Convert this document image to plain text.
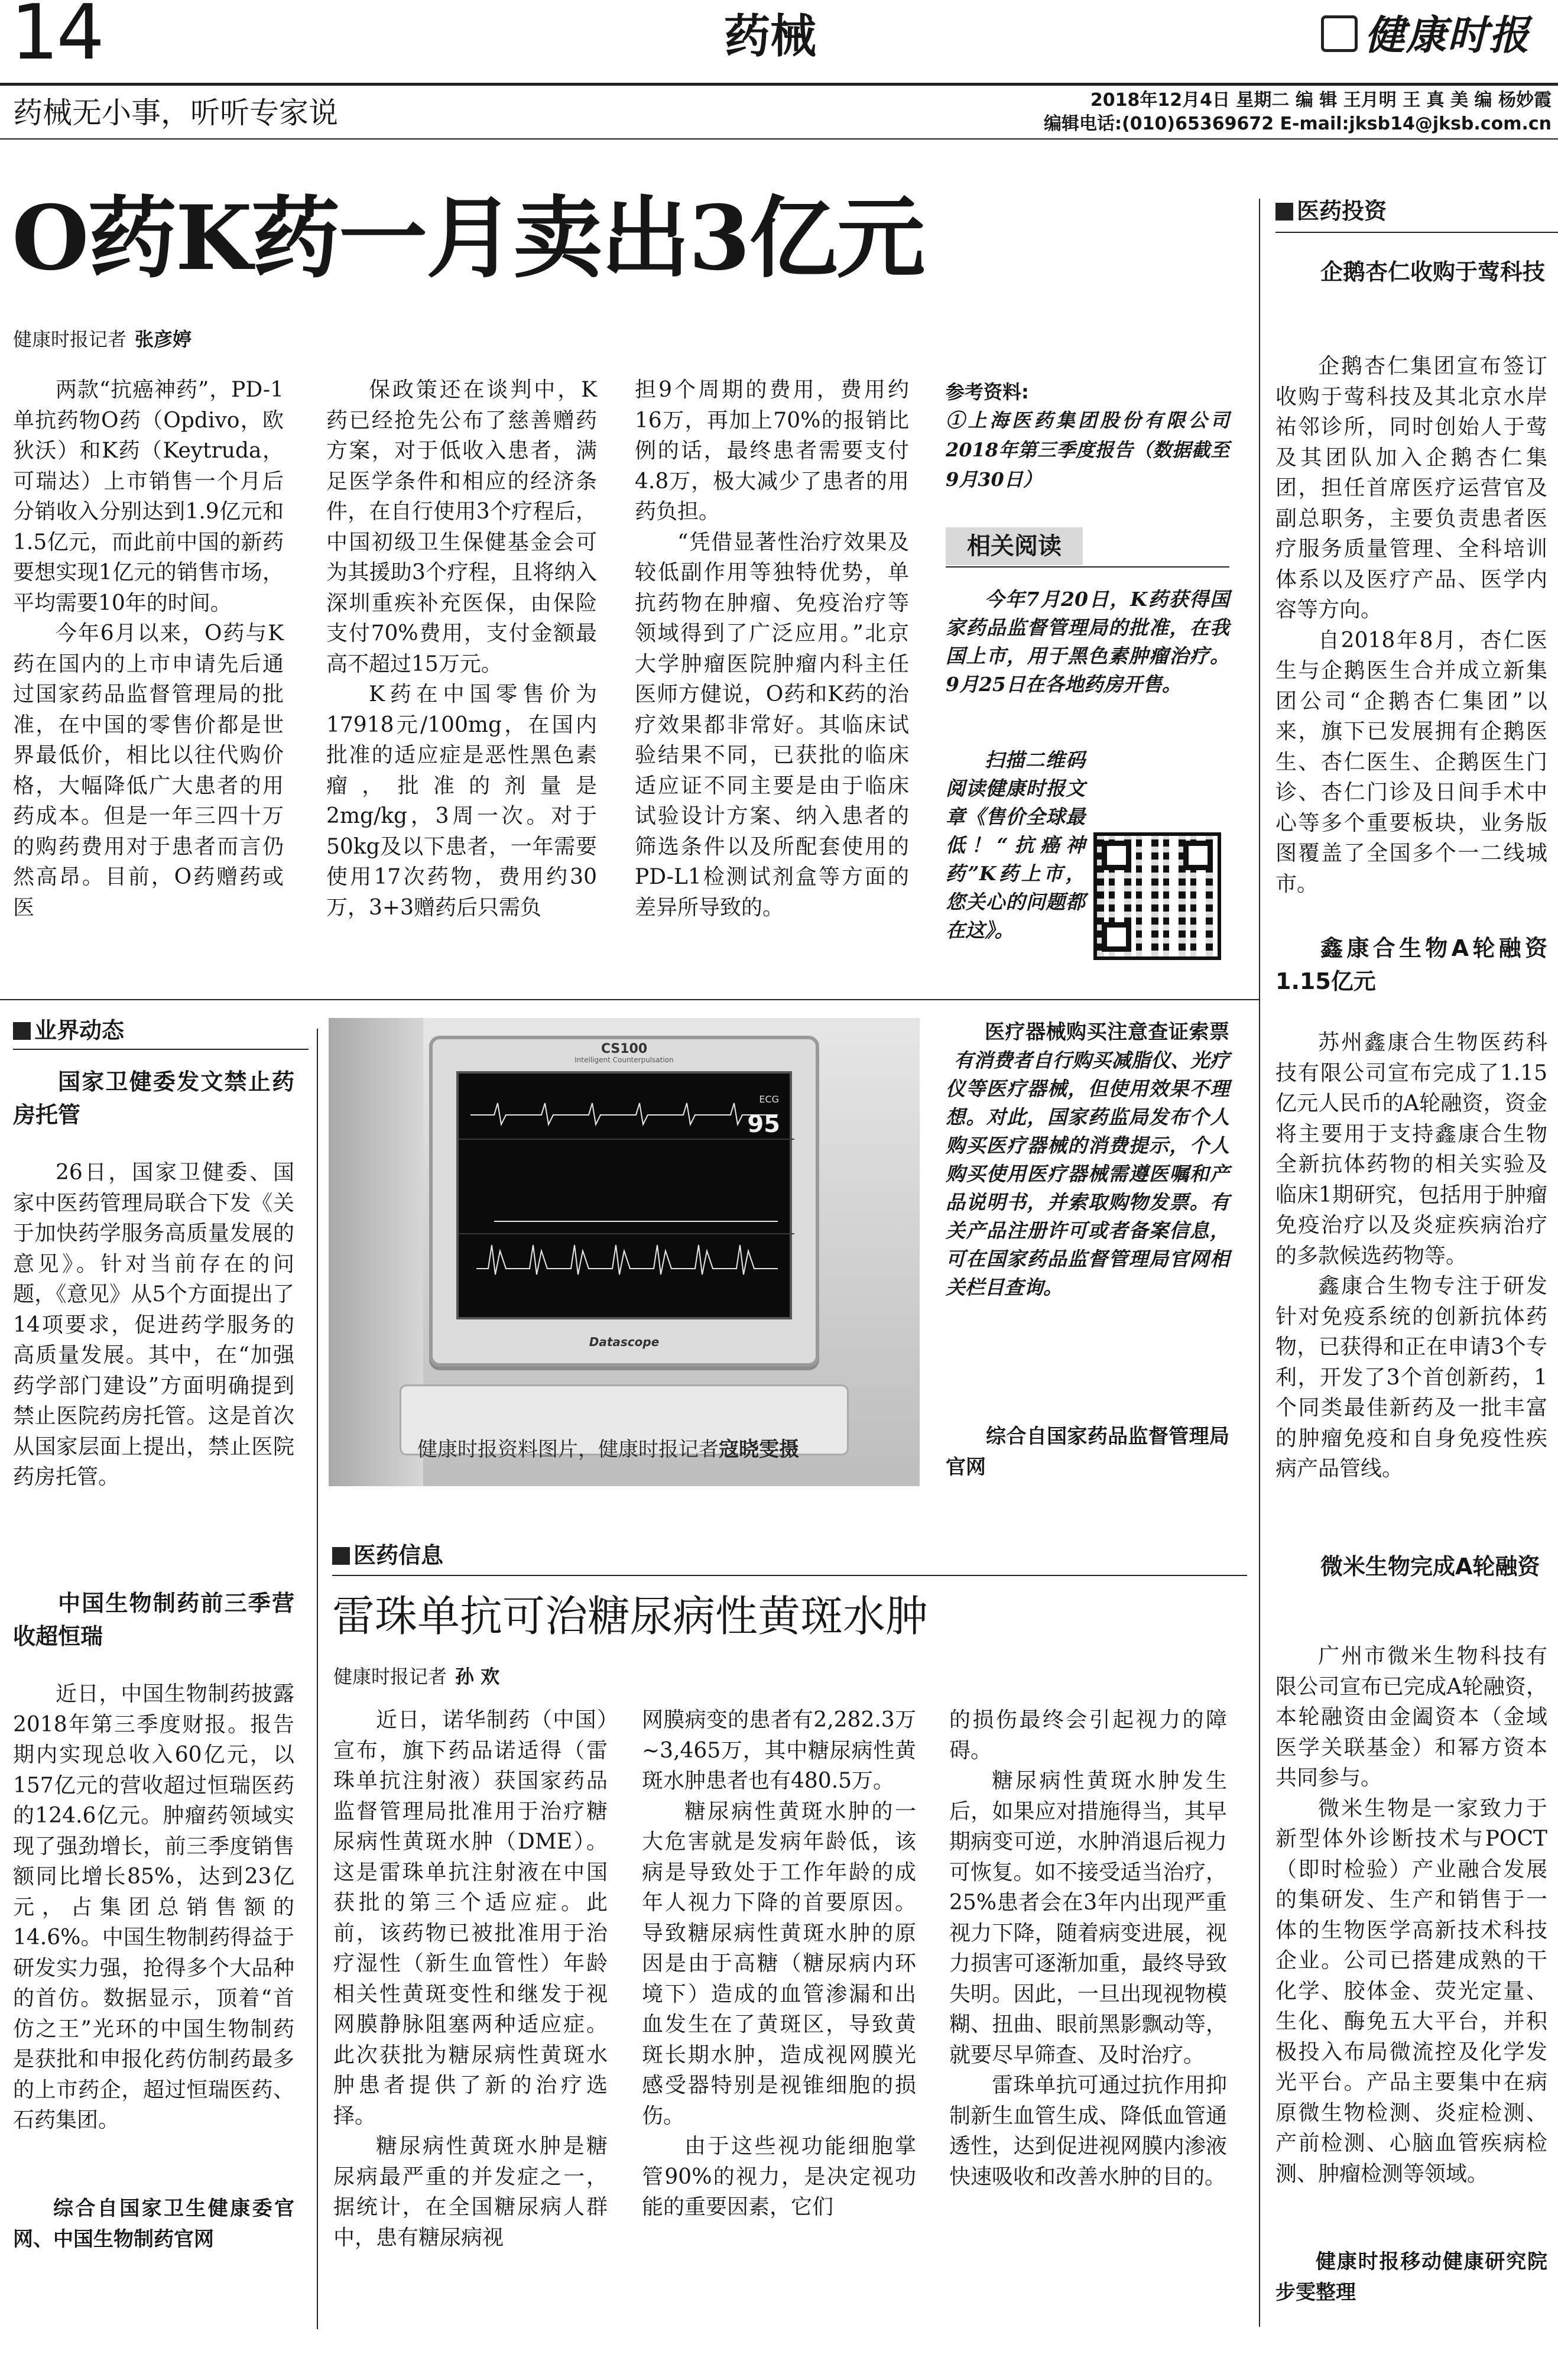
14	药械	健康时报
药械无小事，听听专家说	2018年12月4日 星期二 编 辑 王月明 王 真 美 编 杨妙霞
编辑电话:(010)65369672 E-mail:jksb14@jksb.com.cn
O药K药一月卖出3亿元
健康时报记者 张彦婷

两款“抗癌神药”，PD-1单抗药物O药（Opdivo，欧狄沃）和K药（Keytruda，可瑞达）上市销售一个月后分销收入分别达到1.9亿元和1.5亿元，而此前中国的新药要想实现1亿元的销售市场，平均需要10年的时间。

今年6月以来，O药与K药在国内的上市申请先后通过国家药品监督管理局的批准，在中国的零售价都是世界最低价，相比以往代购价格，大幅降低广大患者的用药成本。但是一年三四十万的购药费用对于患者而言仍然高昂。目前，O药赠药或医

保政策还在谈判中，K药已经抢先公布了慈善赠药方案，对于低收入患者，满足医学条件和相应的经济条件，在自行使用3个疗程后，中国初级卫生保健基金会可为其援助3个疗程，且将纳入深圳重疾补充医保，由保险支付70%费用，支付金额最高不超过15万元。

K药在中国零售价为17918元/100mg，在国内批准的适应症是恶性黑色素瘤，批准的剂量是2mg/kg，3周一次。对于50kg及以下患者，一年需要使用17次药物，费用约30万，3+3赠药后只需负

担9个周期的费用，费用约16万，再加上70%的报销比例的话，最终患者需要支付4.8万，极大减少了患者的用药负担。

“凭借显著性治疗效果及较低副作用等独特优势，单抗药物在肿瘤、免疫治疗等领域得到了广泛应用。”北京大学肿瘤医院肿瘤内科主任医师方健说，O药和K药的治疗效果都非常好。其临床试验结果不同，已获批的临床适应证不同主要是由于临床试验设计方案、纳入患者的筛选条件以及所配套使用的PD-L1检测试剂盒等方面的差异所导致的。

参考资料:
①上海医药集团股份有限公司2018年第三季度报告（数据截至9月30日）
相关阅读

今年7月20日，K药获得国家药品监督管理局的批准，在我国上市，用于黑色素肿瘤治疗。9月25日在各地药房开售。

扫描二维码阅读健康时报文章《售价全球最低！“抗癌神药”K药上市，您关心的问题都在这》。

医药投资
企鹅杏仁收购于莺科技

企鹅杏仁集团宣布签订收购于莺科技及其北京水岸祐邻诊所，同时创始人于莺及其团队加入企鹅杏仁集团，担任首席医疗运营官及副总职务，主要负责患者医疗服务质量管理、全科培训体系以及医疗产品、医学内容等方向。

自2018年8月，杏仁医生与企鹅医生合并成立新集团公司“企鹅杏仁集团”以来，旗下已发展拥有企鹅医生、杏仁医生、企鹅医生门诊、杏仁门诊及日间手术中心等多个重要板块，业务版图覆盖了全国多个一二线城市。

鑫康合生物A轮融资1.15亿元

苏州鑫康合生物医药科技有限公司宣布完成了1.15亿元人民币的A轮融资，资金将主要用于支持鑫康合生物全新抗体药物的相关实验及临床1期研究，包括用于肿瘤免疫治疗以及炎症疾病治疗的多款候选药物等。

鑫康合生物专注于研发针对免疫系统的创新抗体药物，已获得和正在申请3个专利，开发了3个首创新药，1个同类最佳新药及一批丰富的肿瘤免疫和自身免疫性疾病产品管线。

微米生物完成A轮融资

广州市微米生物科技有限公司宣布已完成A轮融资，本轮融资由金阖资本（金域医学关联基金）和幂方资本共同参与。

微米生物是一家致力于新型体外诊断技术与POCT（即时检验）产业融合发展的集研发、生产和销售于一体的生物医学高新技术科技企业。公司已搭建成熟的干化学、胶体金、荧光定量、生化、酶免五大平台，并积极投入布局微流控及化学发光平台。产品主要集中在病原微生物检测、炎症检测、产前检测、心脑血管疾病检测、肿瘤检测等领域。

健康时报移动健康研究院步雯整理
业界动态
国家卫健委发文禁止药房托管

26日，国家卫健委、国家中医药管理局联合下发《关于加快药学服务高质量发展的意见》。针对当前存在的问题，《意见》从5个方面提出了14项要求，促进药学服务的高质量发展。其中，在“加强药学部门建设”方面明确提到禁止医院药房托管。这是首次从国家层面上提出，禁止医院药房托管。

中国生物制药前三季营收超恒瑞

近日，中国生物制药披露2018年第三季度财报。报告期内实现总收入60亿元，以157亿元的营收超过恒瑞医药的124.6亿元。肿瘤药领域实现了强劲增长，前三季度销售额同比增长85%，达到23亿元，占集团总销售额的14.6%。中国生物制药得益于研发实力强，抢得多个大品种的首仿。数据显示，顶着“首仿之王”光环的中国生物制药是获批和申报化药仿制药最多的上市药企，超过恒瑞医药、石药集团。

综合自国家卫生健康委官网、中国生物制药官网
CS100
Intelligent Counterpulsation
95
ECG
Datascope
健康时报资料图片，健康时报记者寇晓雯摄

医疗器械购买注意查证索票有消费者自行购买减脂仪、光疗仪等医疗器械，但使用效果不理想。对此，国家药监局发布个人购买医疗器械的消费提示，个人购买使用医疗器械需遵医嘱和产品说明书，并索取购物发票。有关产品注册许可或者备案信息，可在国家药品监督管理局官网相关栏目查询。

综合自国家药品监督管理局官网
医药信息
雷珠单抗可治糖尿病性黄斑水肿
健康时报记者 孙 欢

近日，诺华制药（中国）宣布，旗下药品诺适得（雷珠单抗注射液）获国家药品监督管理局批准用于治疗糖尿病性黄斑水肿（DME）。这是雷珠单抗注射液在中国获批的第三个适应症。此前，该药物已被批准用于治疗湿性（新生血管性）年龄相关性黄斑变性和继发于视网膜静脉阻塞两种适应症。此次获批为糖尿病性黄斑水肿患者提供了新的治疗选择。

糖尿病性黄斑水肿是糖尿病最严重的并发症之一，据统计，在全国糖尿病人群中，患有糖尿病视

网膜病变的患者有2,282.3万~3,465万，其中糖尿病性黄斑水肿患者也有480.5万。

糖尿病性黄斑水肿的一大危害就是发病年龄低，该病是导致处于工作年龄的成年人视力下降的首要原因。导致糖尿病性黄斑水肿的原因是由于高糖（糖尿病内环境下）造成的血管渗漏和出血发生在了黄斑区，导致黄斑长期水肿，造成视网膜光感受器特别是视锥细胞的损伤。

由于这些视功能细胞掌管90%的视力，是决定视功能的重要因素，它们

的损伤最终会引起视力的障碍。

糖尿病性黄斑水肿发生后，如果应对措施得当，其早期病变可逆，水肿消退后视力可恢复。如不接受适当治疗，25%患者会在3年内出现严重视力下降，随着病变进展，视力损害可逐渐加重，最终导致失明。因此，一旦出现视物模糊、扭曲、眼前黑影飘动等，就要尽早筛查、及时治疗。

雷珠单抗可通过抗作用抑制新生血管生成、降低血管通透性，达到促进视网膜内渗液快速吸收和改善水肿的目的。
